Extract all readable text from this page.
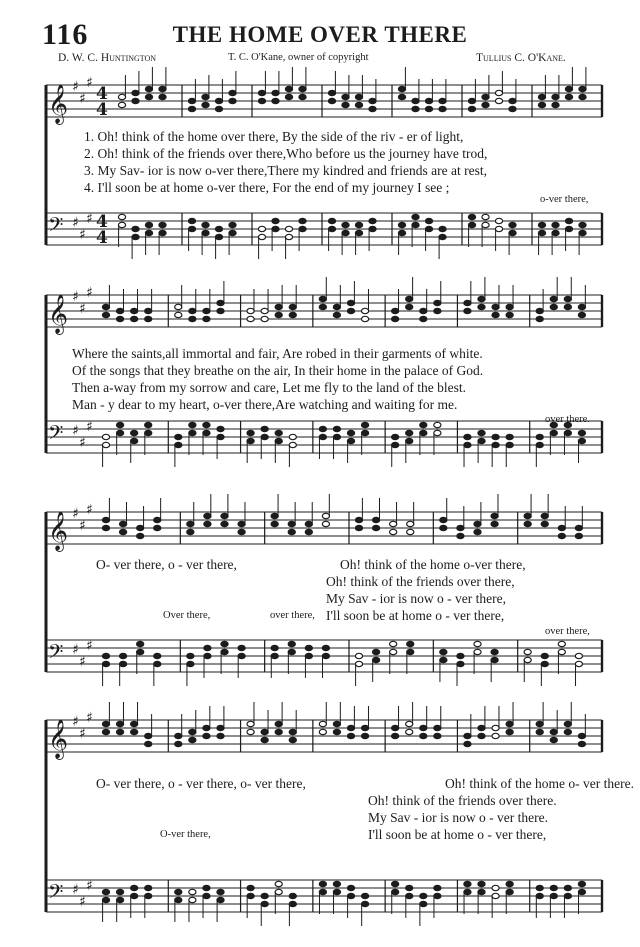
116	THE HOME OVER THERE
D. W. C. Huntington	T. C. O'Kane, owner of copyright	Tullius C. O'Kane.
𝄞 ♯
♯
♯
4
4
𝄢 ♯
♯
♯ 4
4
𝄞 ♯
♯
♯
𝄢 ♯
♯
♯
𝄞 ♯
♯
♯
𝄢 ♯
♯
♯
𝄞 ♯
♯
♯
𝄢 ♯
♯
♯
1. Oh! think of the home over there, By the side of the riv - er of light,
2. Oh! think of the friends over there,Who before us the journey have trod,
3. My Sav- ior is now o-ver there,There my kindred and friends are at rest,
4. I'll soon be at home o-ver there, For the end of my journey I see ;
o-ver there,
Where the saints,all immortal and fair, Are robed in their garments of white.
Of the songs that they breathe on the air, In their home in the palace of God.
Then a-way from my sorrow and care, Let me fly to the land of the blest.
Man - y dear to my heart, o-ver there,Are watching and waiting for me.
over there.
O- ver there, o - ver there,	Oh! think of the home o-ver there,
Oh! think of the friends over there,
My Sav - ior is now o - ver there,
Over there,	over there, I'll soon be at home o - ver there,
over there,
O- ver there, o - ver there, o- ver there,	Oh! think of the home o- ver there.
Oh! think of the friends over there.
My Sav - ior is now o - ver there.
O-ver there,	I'll soon be at home o - ver there,
